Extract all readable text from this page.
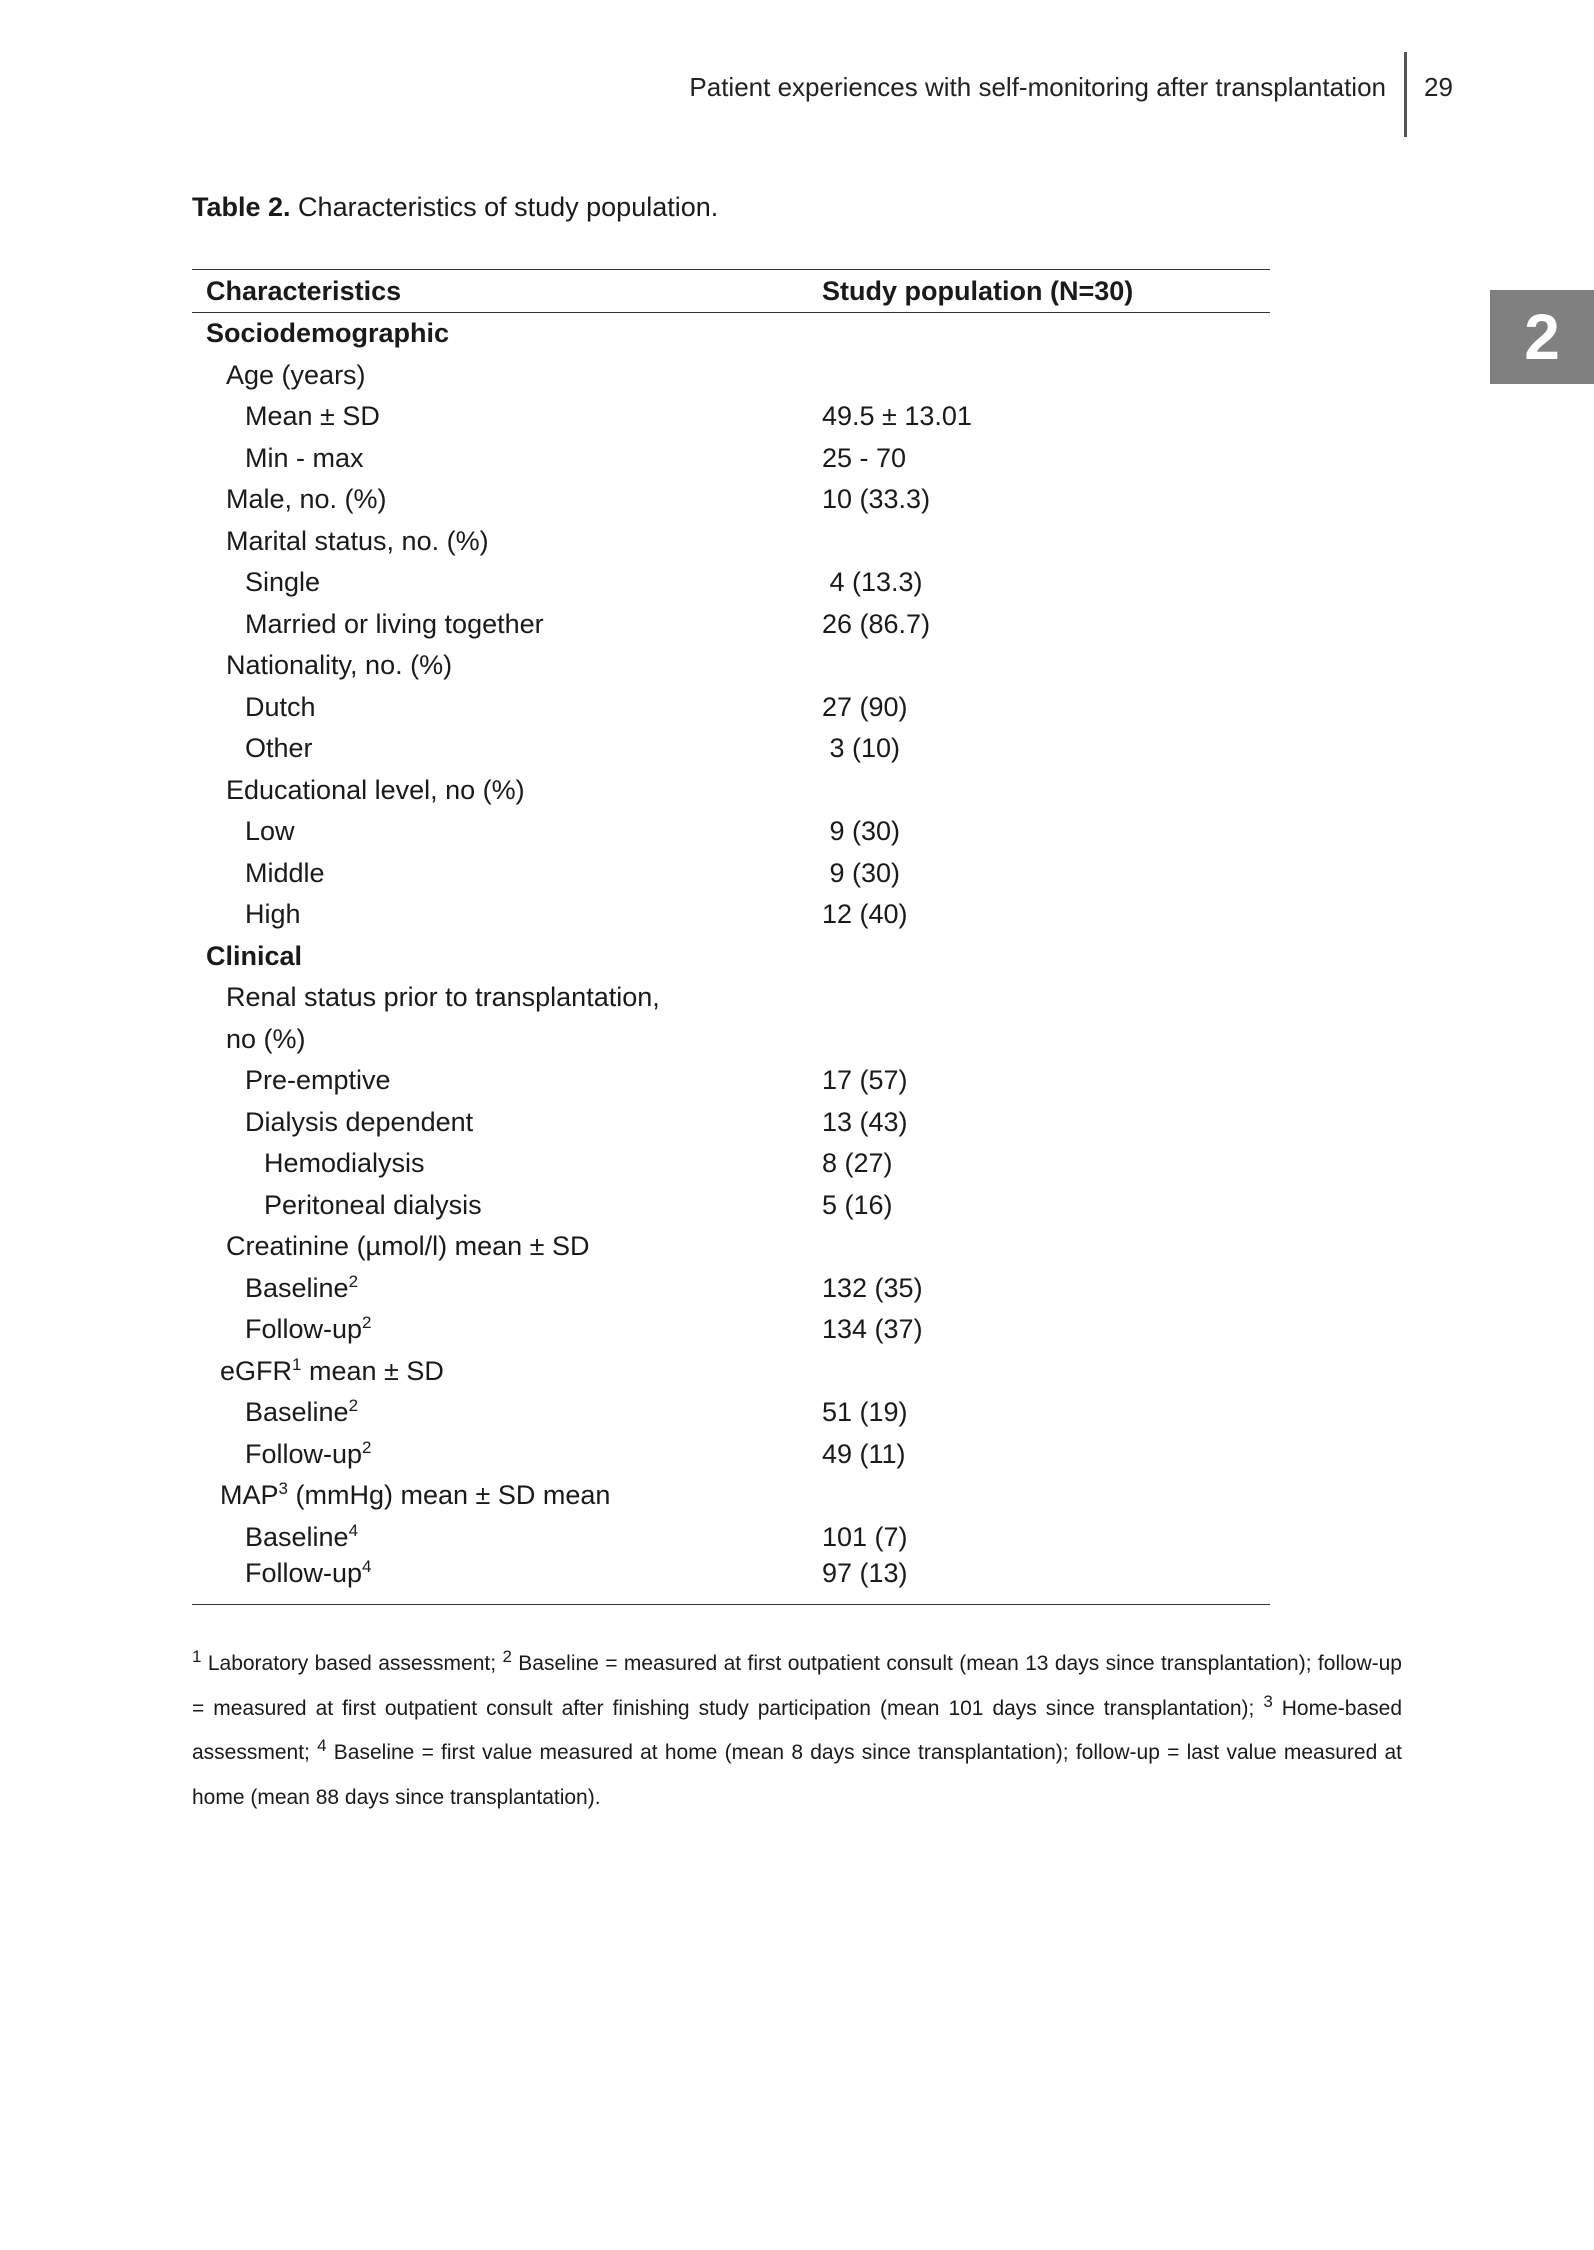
Patient experiences with self-monitoring after transplantation 29
2
Table 2. Characteristics of study population.
Characteristics	Study population (N=30)
Sociodemographic	
Age (years)	
Mean ± SD	49.5 ± 13.01
Min - max	25 - 70
Male, no. (%)	10 (33.3)
Marital status, no. (%)	
Single	4 (13.3)
Married or living together	26 (86.7)
Nationality, no. (%)	
Dutch	27 (90)
Other	3 (10)
Educational level, no (%)	
Low	9 (30)
Middle	9 (30)
High	12 (40)
Clinical	
Renal status prior to transplantation,	
no (%)	
Pre-emptive	17 (57)
Dialysis dependent	13 (43)
Hemodialysis	8 (27)
Peritoneal dialysis	5 (16)
Creatinine (µmol/l) mean ± SD	
Baseline$^2$	132 (35)
Follow-$up^2$	134 (37)
eGFR$^1$ mean ± SD	
Baseline$^2$	51 (19)
Follow-$up^2$	49 (11)
MAP$^3$ (mmHg) mean ± SD mean	
Baseline$^4$	101 (7)
Follow-$up^4$	97 (13)
$^1$ Laboratory based assessment; $^2$ Baseline = measured at first outpatient consult (mean 13 days since transplantation); follow-up = measured at first outpatient consult after finishing study participation (mean 101 days since transplantation); $^3$ Home-based assessment; $^4$ Baseline = first value measured at home (mean 8 days since transplantation); follow-up = last value measured at home (mean 88 days since transplantation).
